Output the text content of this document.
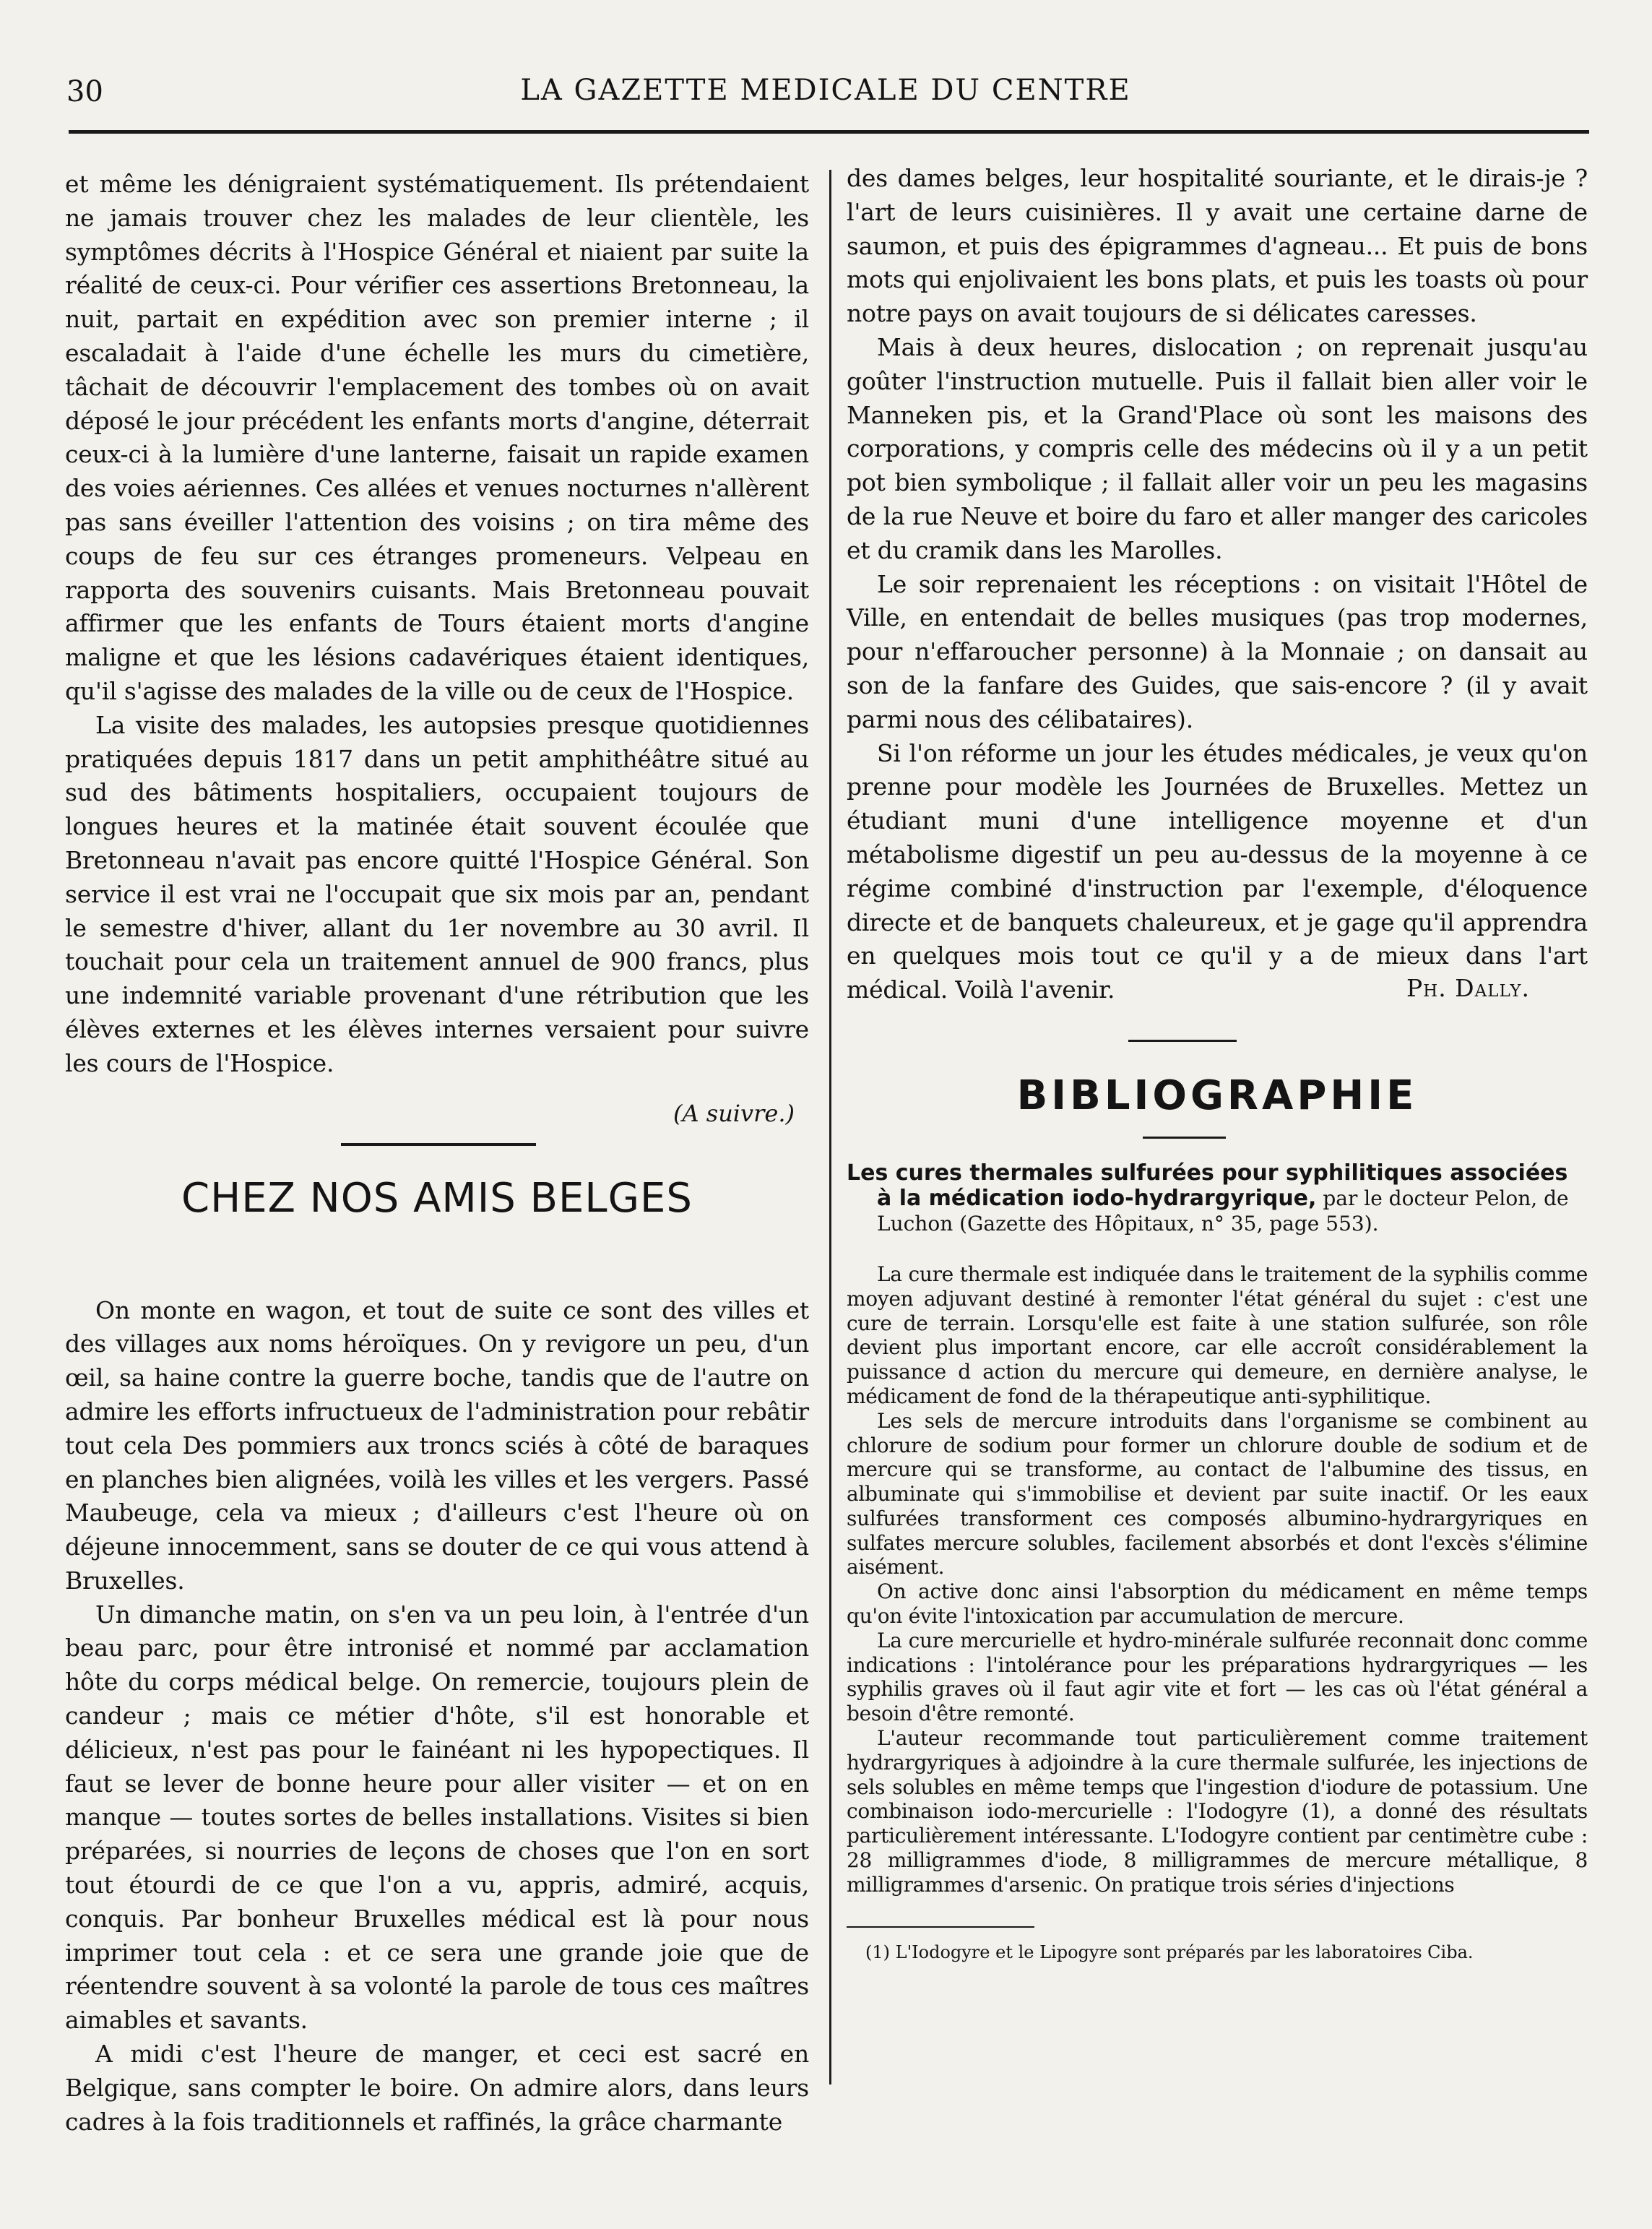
30	LA GAZETTE MEDICALE DU CENTRE

et même les dénigraient systématiquement. Ils prétendaient ne jamais trouver chez les malades de leur clientèle, les symptômes décrits à l'Hospice Général et niaient par suite la réalité de ceux-ci. Pour vérifier ces assertions Bretonneau, la nuit, partait en expédition avec son premier interne ; il escaladait à l'aide d'une échelle les murs du cimetière, tâchait de découvrir l'emplacement des tombes où on avait déposé le jour précédent les enfants morts d'angine, déterrait ceux-ci à la lumière d'une lanterne, faisait un rapide examen des voies aériennes. Ces allées et venues nocturnes n'allèrent pas sans éveiller l'attention des voisins ; on tira même des coups de feu sur ces étranges promeneurs. Velpeau en rapporta des souvenirs cuisants. Mais Bretonneau pouvait affirmer que les enfants de Tours étaient morts d'angine maligne et que les lésions cadavériques étaient identiques, qu'il s'agisse des malades de la ville ou de ceux de l'Hospice.

La visite des malades, les autopsies presque quotidiennes pratiquées depuis 1817 dans un petit amphithéâtre situé au sud des bâtiments hospitaliers, occupaient toujours de longues heures et la matinée était souvent écoulée que Bretonneau n'avait pas encore quitté l'Hospice Général. Son service il est vrai ne l'occupait que six mois par an, pendant le semestre d'hiver, allant du 1er novembre au 30 avril. Il touchait pour cela un traitement annuel de 900 francs, plus une indemnité variable provenant d'une rétribution que les élèves externes et les élèves internes versaient pour suivre les cours de l'Hospice.

(A suivre.)
CHEZ NOS AMIS BELGES

On monte en wagon, et tout de suite ce sont des villes et des villages aux noms héroïques. On y revigore un peu, d'un œil, sa haine contre la guerre boche, tandis que de l'autre on admire les efforts infructueux de l'administration pour rebâtir tout cela Des pommiers aux troncs sciés à côté de baraques en planches bien alignées, voilà les villes et les vergers. Passé Maubeuge, cela va mieux ; d'ailleurs c'est l'heure où on déjeune innocemment, sans se douter de ce qui vous attend à Bruxelles.

Un dimanche matin, on s'en va un peu loin, à l'entrée d'un beau parc, pour être intronisé et nommé par acclamation hôte du corps médical belge. On remercie, toujours plein de candeur ; mais ce métier d'hôte, s'il est honorable et délicieux, n'est pas pour le fainéant ni les hypopectiques. Il faut se lever de bonne heure pour aller visiter — et on en manque — toutes sortes de belles installations. Visites si bien préparées, si nourries de leçons de choses que l'on en sort tout étourdi de ce que l'on a vu, appris, admiré, acquis, conquis. Par bonheur Bruxelles médical est là pour nous imprimer tout cela : et ce sera une grande joie que de réentendre souvent à sa volonté la parole de tous ces maîtres aimables et savants.

A midi c'est l'heure de manger, et ceci est sacré en Belgique, sans compter le boire. On admire alors, dans leurs cadres à la fois traditionnels et raffinés, la grâce charmante

des dames belges, leur hospitalité souriante, et le dirais-je ? l'art de leurs cuisinières. Il y avait une certaine darne de saumon, et puis des épigrammes d'agneau... Et puis de bons mots qui enjolivaient les bons plats, et puis les toasts où pour notre pays on avait toujours de si délicates caresses.

Mais à deux heures, dislocation ; on reprenait jusqu'au goûter l'instruction mutuelle. Puis il fallait bien aller voir le Manneken pis, et la Grand'Place où sont les maisons des corporations, y compris celle des médecins où il y a un petit pot bien symbolique ; il fallait aller voir un peu les magasins de la rue Neuve et boire du faro et aller manger des caricoles et du cramik dans les Marolles.

Le soir reprenaient les réceptions : on visitait l'Hôtel de Ville, en entendait de belles musiques (pas trop modernes, pour n'effaroucher personne) à la Monnaie ; on dansait au son de la fanfare des Guides, que sais-encore ? (il y avait parmi nous des célibataires).

Si l'on réforme un jour les études médicales, je veux qu'on prenne pour modèle les Journées de Bruxelles. Mettez un étudiant muni d'une intelligence moyenne et d'un métabolisme digestif un peu au-dessus de la moyenne à ce régime combiné d'instruction par l'exemple, d'éloquence directe et de banquets chaleureux, et je gage qu'il apprendra en quelques mois tout ce qu'il y a de mieux dans l'art médical. Voilà l'avenir.	Ph. Dally.
BIBLIOGRAPHIE
Les cures thermales sulfurées pour syphilitiques associées à la médication iodo-hydrargyrique, par le docteur Pelon, de Luchon (Gazette des Hôpitaux, n° 35, page 553).

La cure thermale est indiquée dans le traitement de la syphilis comme moyen adjuvant destiné à remonter l'état général du sujet : c'est une cure de terrain. Lorsqu'elle est faite à une station sulfurée, son rôle devient plus important encore, car elle accroît considérablement la puissance d action du mercure qui demeure, en dernière analyse, le médicament de fond de la thérapeutique anti-syphilitique.

Les sels de mercure introduits dans l'organisme se combinent au chlorure de sodium pour former un chlorure double de sodium et de mercure qui se transforme, au contact de l'albumine des tissus, en albuminate qui s'immobilise et devient par suite inactif. Or les eaux sulfurées transforment ces composés albumino-hydrargyriques en sulfates mercure solubles, facilement absorbés et dont l'excès s'élimine aisément.

On active donc ainsi l'absorption du médicament en même temps qu'on évite l'intoxication par accumulation de mercure.

La cure mercurielle et hydro-minérale sulfurée reconnait donc comme indications : l'intolérance pour les préparations hydrargyriques — les syphilis graves où il faut agir vite et fort — les cas où l'état général a besoin d'être remonté.

L'auteur recommande tout particulièrement comme traitement hydrargyriques à adjoindre à la cure thermale sulfurée, les injections de sels solubles en même temps que l'ingestion d'iodure de potassium. Une combinaison iodo-mercurielle : l'Iodogyre (1), a donné des résultats particulièrement intéressante. L'Iodogyre contient par centimètre cube : 28 milligrammes d'iode, 8 milligrammes de mercure métallique, 8 milligrammes d'arsenic. On pratique trois séries d'injections

(1) L'Iodogyre et le Lipogyre sont préparés par les laboratoires Ciba.
